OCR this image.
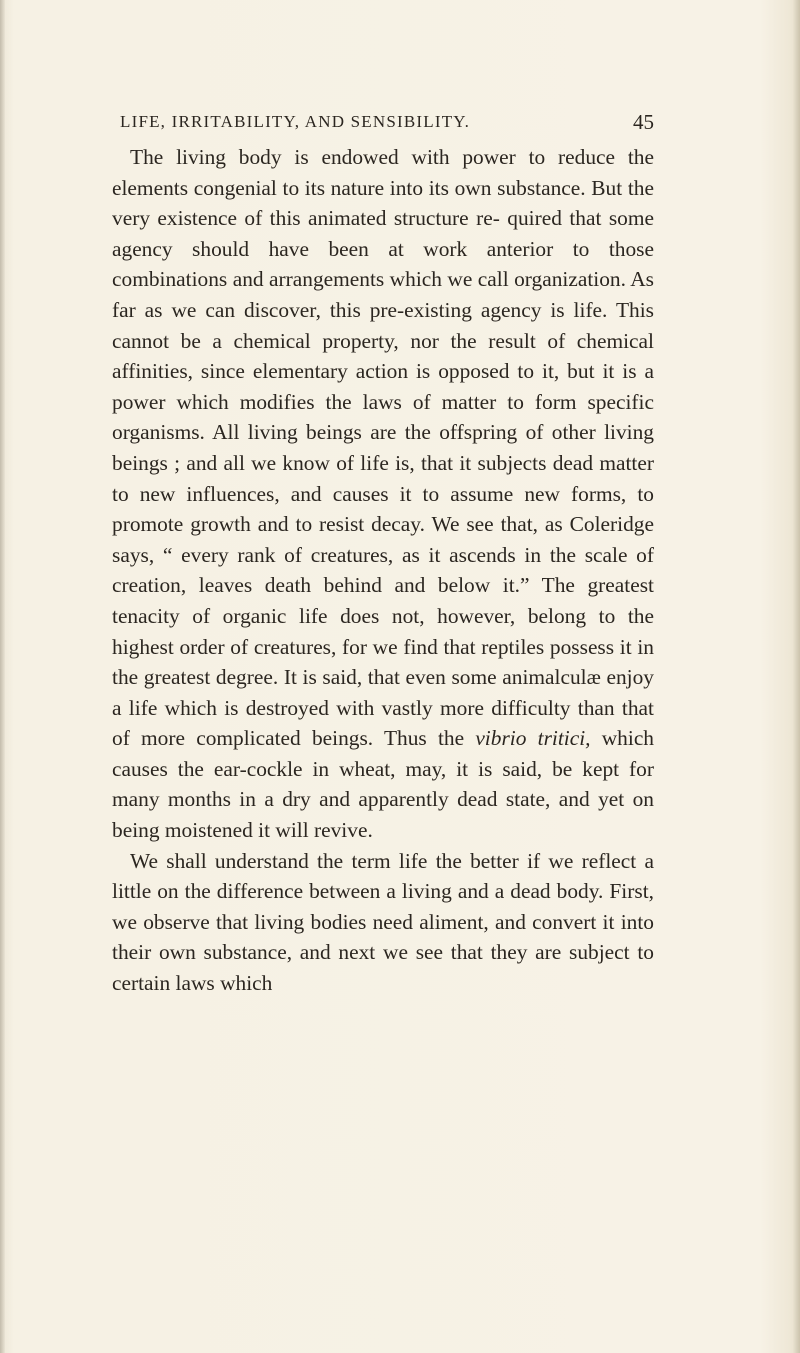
LIFE, IRRITABILITY, AND SENSIBILITY.	45

The living body is endowed with power to reduce the elements congenial to its nature into its own substance. But the very existence of this animated structure re- quired that some agency should have been at work anterior to those combinations and arrangements which we call organization. As far as we can discover, this pre-existing agency is life. This cannot be a chemical property, nor the result of chemical affinities, since elementary action is opposed to it, but it is a power which modifies the laws of matter to form specific organisms. All living beings are the offspring of other living beings ; and all we know of life is, that it subjects dead matter to new influences, and causes it to assume new forms, to promote growth and to resist decay. We see that, as Coleridge says, “ every rank of creatures, as it ascends in the scale of creation, leaves death behind and below it.” The greatest tenacity of organic life does not, however, belong to the highest order of creatures, for we find that reptiles possess it in the greatest degree. It is said, that even some animalculæ enjoy a life which is destroyed with vastly more difficulty than that of more complicated beings. Thus the vibrio tritici, which causes the ear-cockle in wheat, may, it is said, be kept for many months in a dry and apparently dead state, and yet on being moistened it will revive.

We shall understand the term life the better if we reflect a little on the difference between a living and a dead body. First, we observe that living bodies need aliment, and convert it into their own substance, and next we see that they are subject to certain laws which
